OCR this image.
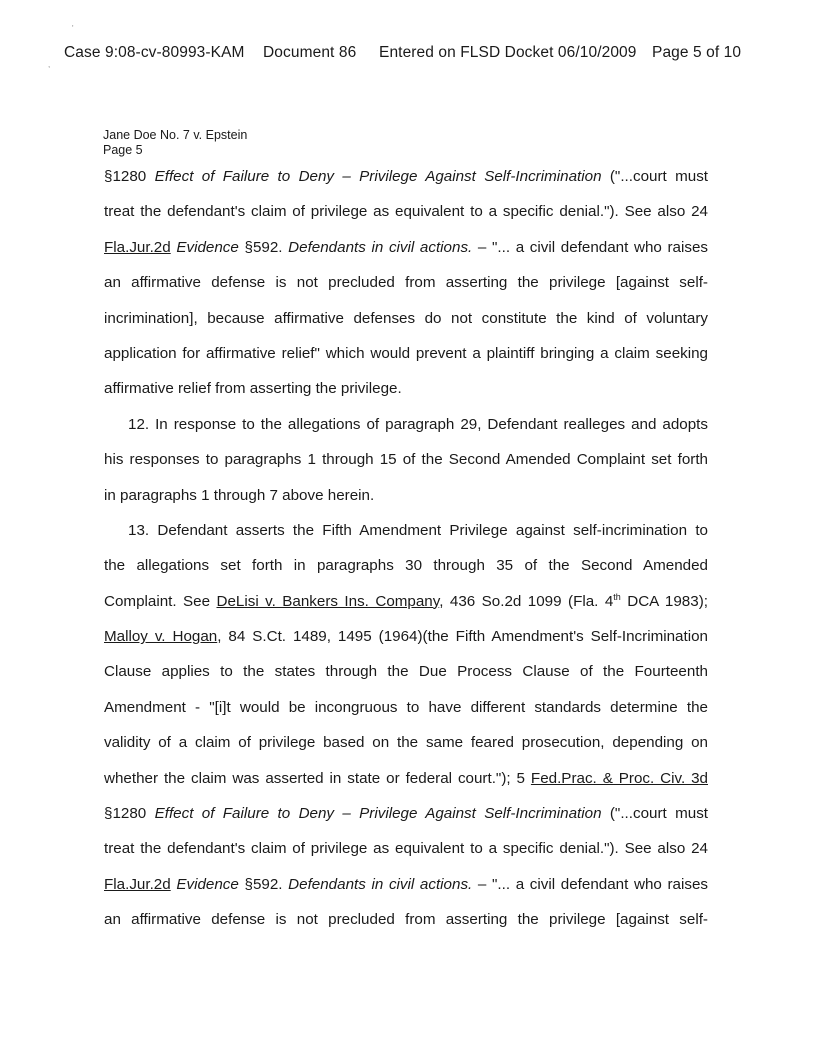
Case 9:08-cv-80993-KAM Document 86 Entered on FLSD Docket 06/10/2009 Page 5 of 10
Jane Doe No. 7 v. Epstein
Page 5
§1280 Effect of Failure to Deny – Privilege Against Self-Incrimination ("...court must
treat the defendant's claim of privilege as equivalent to a specific denial."). See also 24
Fla.Jur.2d Evidence §592. Defendants in civil actions. – "... a civil defendant who raises
an affirmative defense is not precluded from asserting the privilege [against self-
incrimination], because affirmative defenses do not constitute the kind of voluntary
application for affirmative relief" which would prevent a plaintiff bringing a claim seeking
affirmative relief from asserting the privilege.
12. In response to the allegations of paragraph 29, Defendant realleges and adopts
his responses to paragraphs 1 through 15 of the Second Amended Complaint set forth
in paragraphs 1 through 7 above herein.
13. Defendant asserts the Fifth Amendment Privilege against self-incrimination to
the allegations set forth in paragraphs 30 through 35 of the Second Amended
Complaint. See DeLisi v. Bankers Ins. Company, 436 So.2d 1099 (Fla. 4th DCA 1983);
Malloy v. Hogan, 84 S.Ct. 1489, 1495 (1964)(the Fifth Amendment's Self-Incrimination
Clause applies to the states through the Due Process Clause of the Fourteenth
Amendment - "[i]t would be incongruous to have different standards determine the
validity of a claim of privilege based on the same feared prosecution, depending on
whether the claim was asserted in state or federal court."); 5 Fed.Prac. & Proc. Civ. 3d
§1280 Effect of Failure to Deny – Privilege Against Self-Incrimination ("...court must
treat the defendant's claim of privilege as equivalent to a specific denial."). See also 24
Fla.Jur.2d Evidence §592. Defendants in civil actions. – "... a civil defendant who raises
an affirmative defense is not precluded from asserting the privilege [against self-
,
'
